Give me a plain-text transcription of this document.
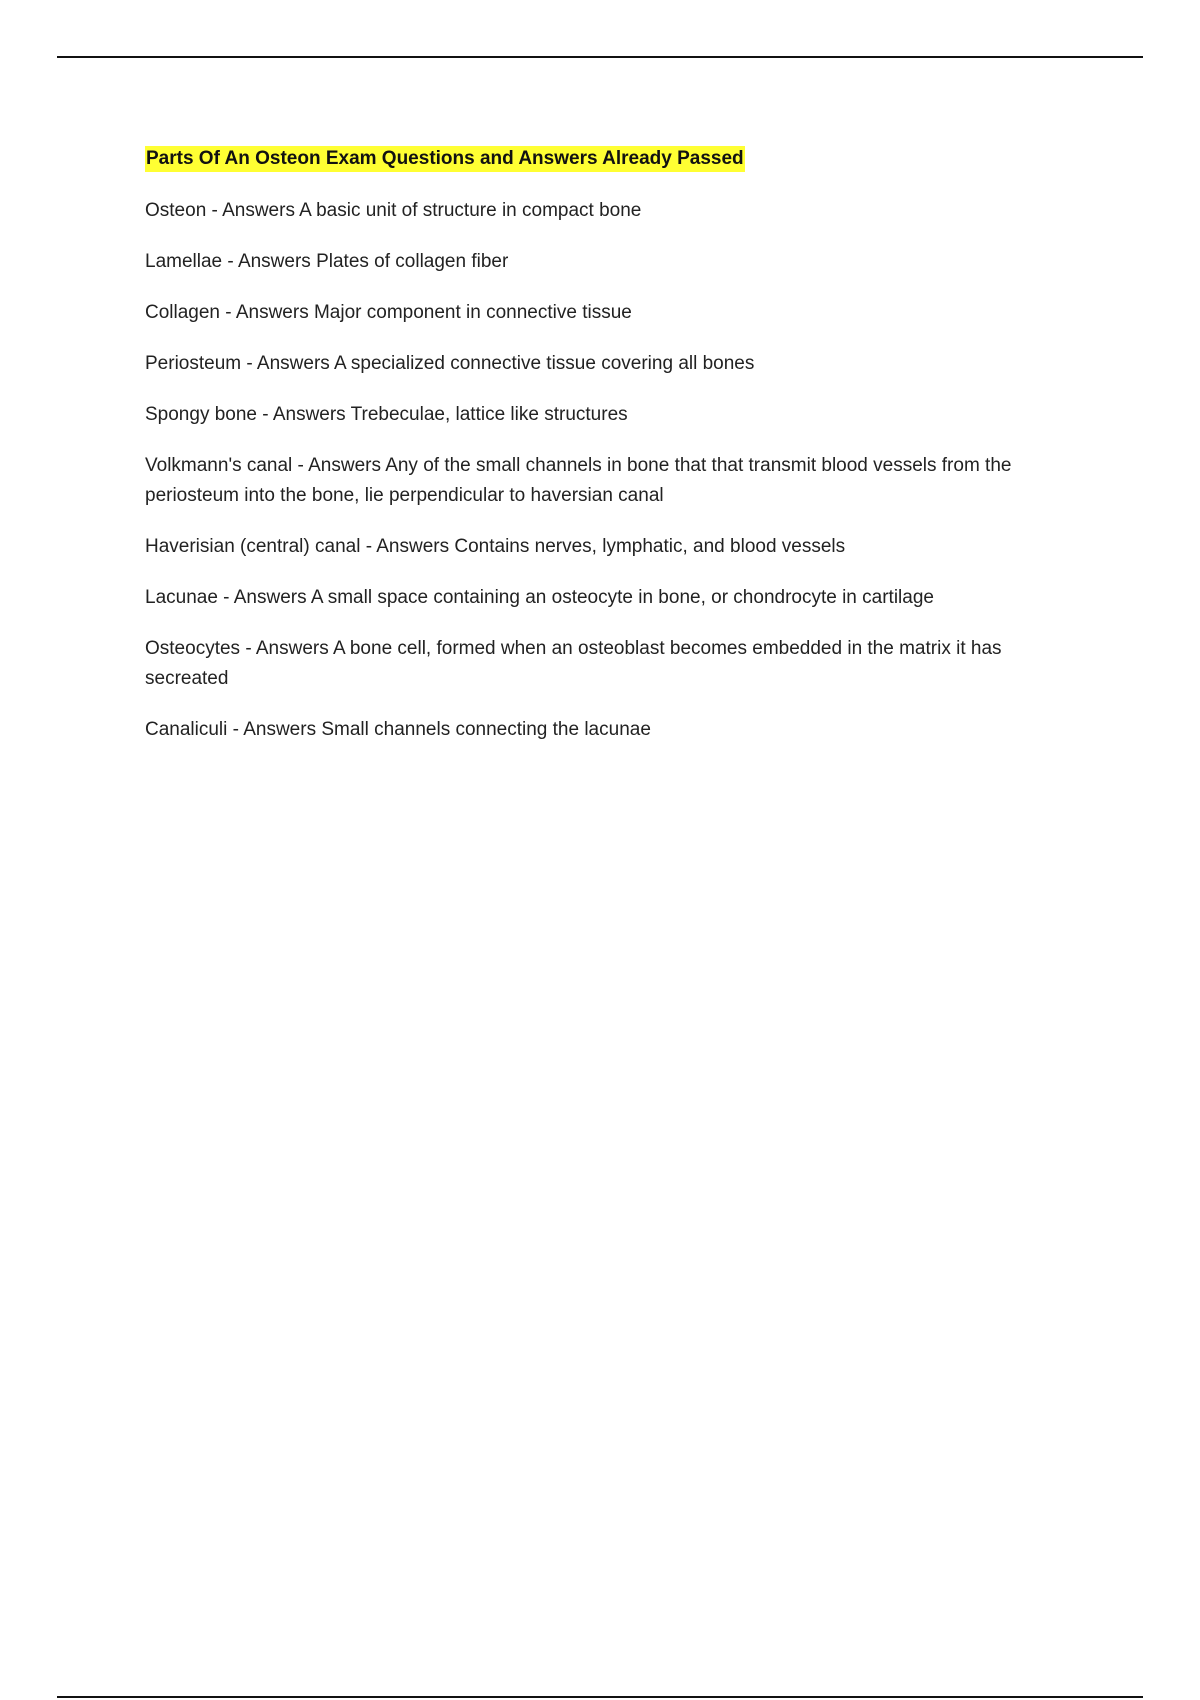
Parts Of An Osteon Exam Questions and Answers Already Passed
Osteon - Answers A basic unit of structure in compact bone
Lamellae - Answers Plates of collagen fiber
Collagen - Answers Major component in connective tissue
Periosteum - Answers A specialized connective tissue covering all bones
Spongy bone - Answers Trebeculae, lattice like structures
Volkmann's canal - Answers Any of the small channels in bone that that transmit blood vessels from the periosteum into the bone, lie perpendicular to haversian canal
Haverisian (central) canal - Answers Contains nerves, lymphatic, and blood vessels
Lacunae - Answers A small space containing an osteocyte in bone, or chondrocyte in cartilage
Osteocytes - Answers A bone cell, formed when an osteoblast becomes embedded in the matrix it has secreated
Canaliculi - Answers Small channels connecting the lacunae
